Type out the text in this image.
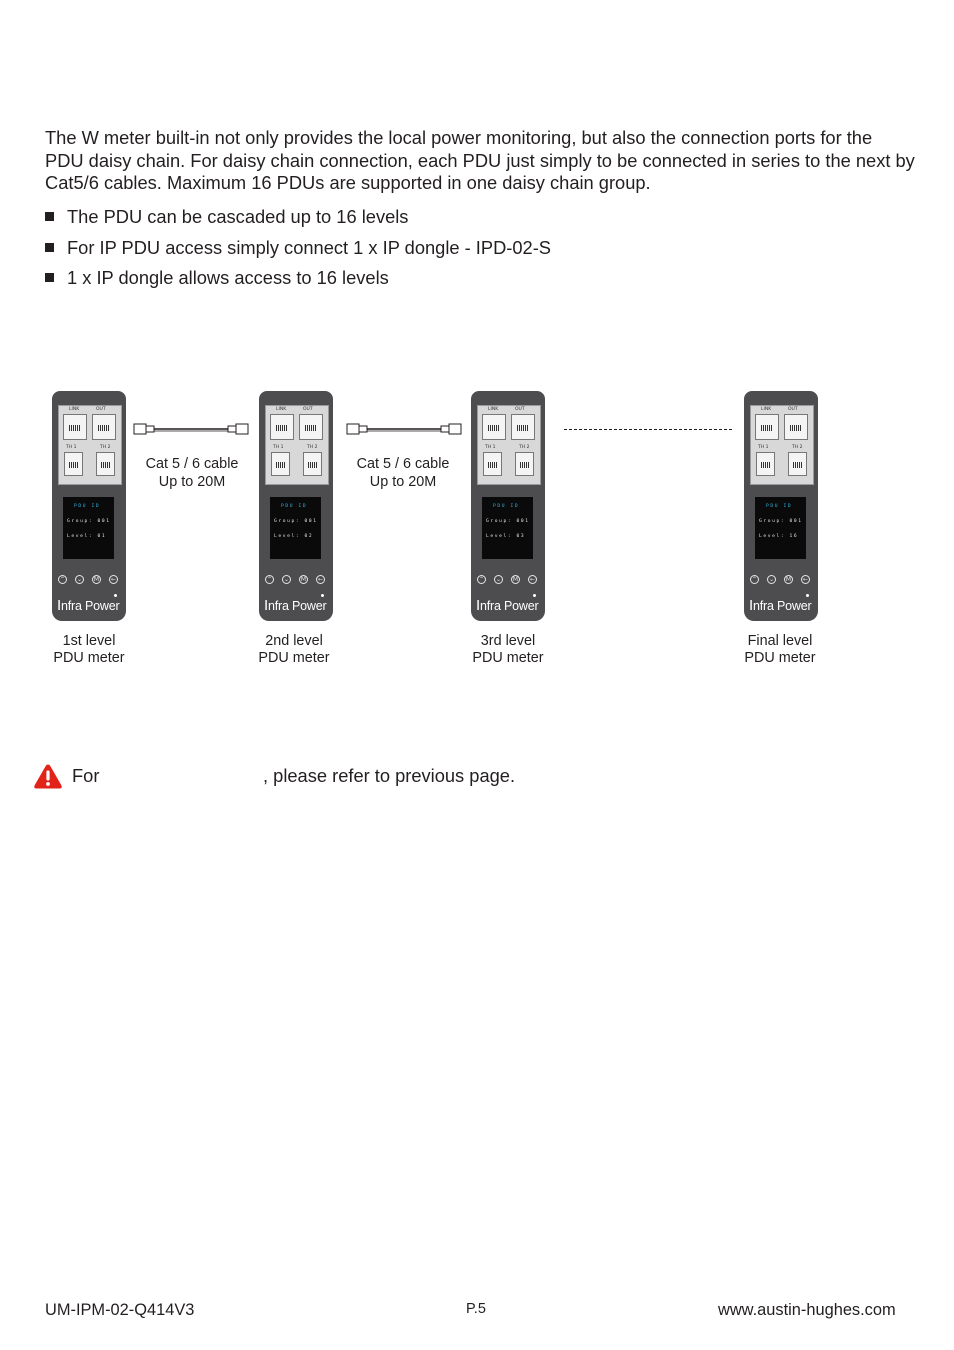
The W meter built-in not only provides the local power monitoring, but also the connection ports for the PDU daisy chain. For daisy chain connection, each PDU just simply to be connected in series to the next by Cat5/6 cables. Maximum 16 PDUs are supported in one daisy chain group.

The PDU can be cascaded up to 16 levels
For IP PDU access simply connect 1 x IP dongle - IPD-02-S
1 x IP dongle allows access to 16 levels
LINK	OUT
TH 1	TH 2
PDU ID
Group: 001
Level: 01
⌃	⌄	M	←
Infra Power
LINK	OUT
TH 1	TH 2
PDU ID
Group: 001
Level: 02
⌃	⌄	M	←
Infra Power
LINK	OUT
TH 1	TH 2
PDU ID
Group: 001
Level: 03
⌃	⌄	M	←
Infra Power
LINK	OUT
TH 1	TH 2
PDU ID
Group: 001
Level: 16
⌃	⌄	M	←
Infra Power
Cat 5 / 6 cable
Up to 20M
Cat 5 / 6 cable
Up to 20M
1st level
PDU meter
2nd level
PDU meter
3rd level
PDU meter
Final level
PDU meter
For	, please refer to previous page.
UM-IPM-02-Q414V3	P.5	www.austin-hughes.com
